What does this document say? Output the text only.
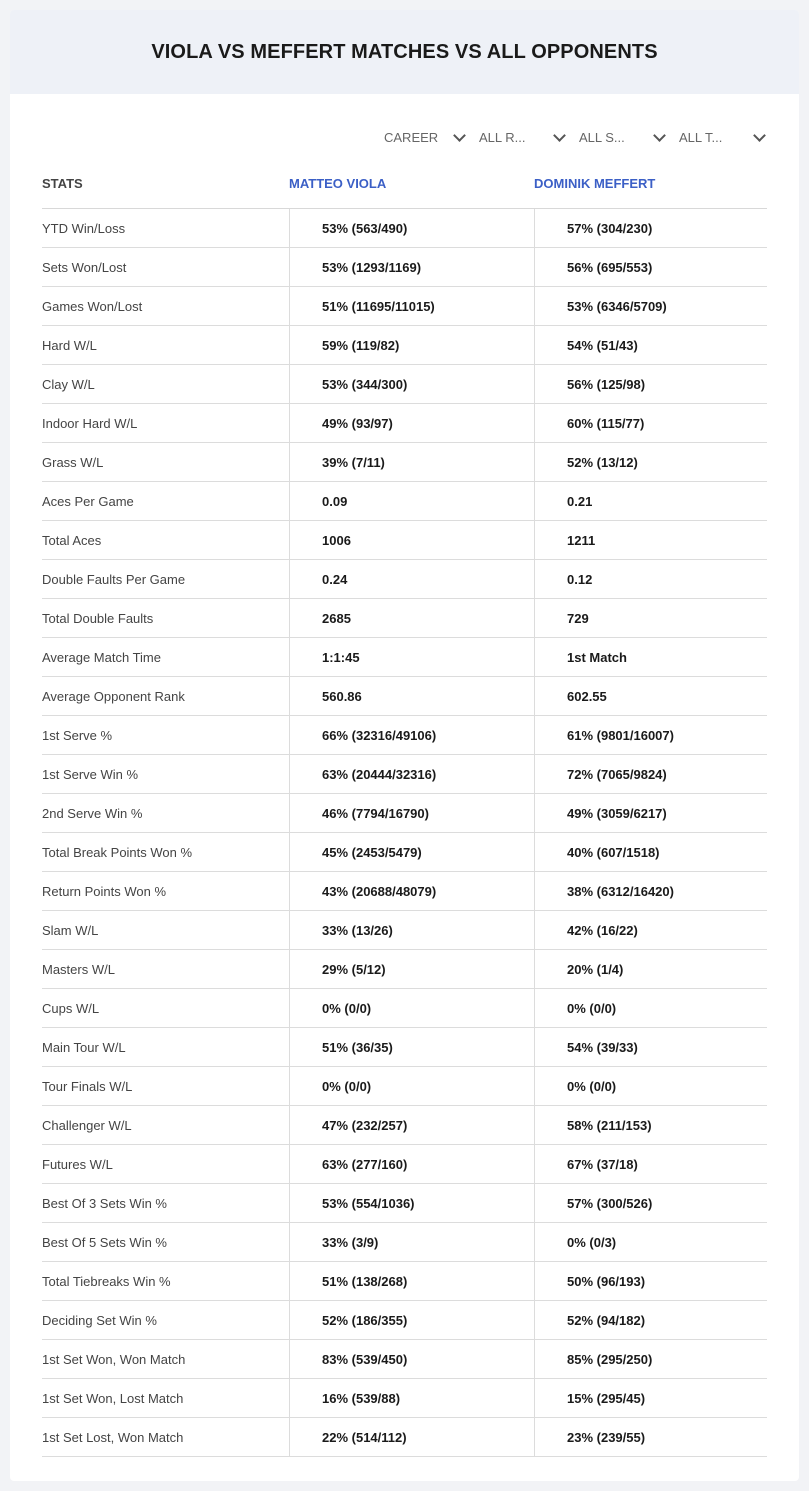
VIOLA VS MEFFERT MATCHES VS ALL OPPONENTS
CAREER	ALL R...	ALL S...	ALL T...
STATS	MATTEO VIOLA	DOMINIK MEFFERT
YTD Win/Loss	53% (563/490)	57% (304/230)
Sets Won/Lost	53% (1293/1169)	56% (695/553)
Games Won/Lost	51% (11695/11015)	53% (6346/5709)
Hard W/L	59% (119/82)	54% (51/43)
Clay W/L	53% (344/300)	56% (125/98)
Indoor Hard W/L	49% (93/97)	60% (115/77)
Grass W/L	39% (7/11)	52% (13/12)
Aces Per Game	0.09	0.21
Total Aces	1006	1211
Double Faults Per Game	0.24	0.12
Total Double Faults	2685	729
Average Match Time	1:1:45	1st Match
Average Opponent Rank	560.86	602.55
1st Serve %	66% (32316/49106)	61% (9801/16007)
1st Serve Win %	63% (20444/32316)	72% (7065/9824)
2nd Serve Win %	46% (7794/16790)	49% (3059/6217)
Total Break Points Won %	45% (2453/5479)	40% (607/1518)
Return Points Won %	43% (20688/48079)	38% (6312/16420)
Slam W/L	33% (13/26)	42% (16/22)
Masters W/L	29% (5/12)	20% (1/4)
Cups W/L	0% (0/0)	0% (0/0)
Main Tour W/L	51% (36/35)	54% (39/33)
Tour Finals W/L	0% (0/0)	0% (0/0)
Challenger W/L	47% (232/257)	58% (211/153)
Futures W/L	63% (277/160)	67% (37/18)
Best Of 3 Sets Win %	53% (554/1036)	57% (300/526)
Best Of 5 Sets Win %	33% (3/9)	0% (0/3)
Total Tiebreaks Win %	51% (138/268)	50% (96/193)
Deciding Set Win %	52% (186/355)	52% (94/182)
1st Set Won, Won Match	83% (539/450)	85% (295/250)
1st Set Won, Lost Match	16% (539/88)	15% (295/45)
1st Set Lost, Won Match	22% (514/112)	23% (239/55)
